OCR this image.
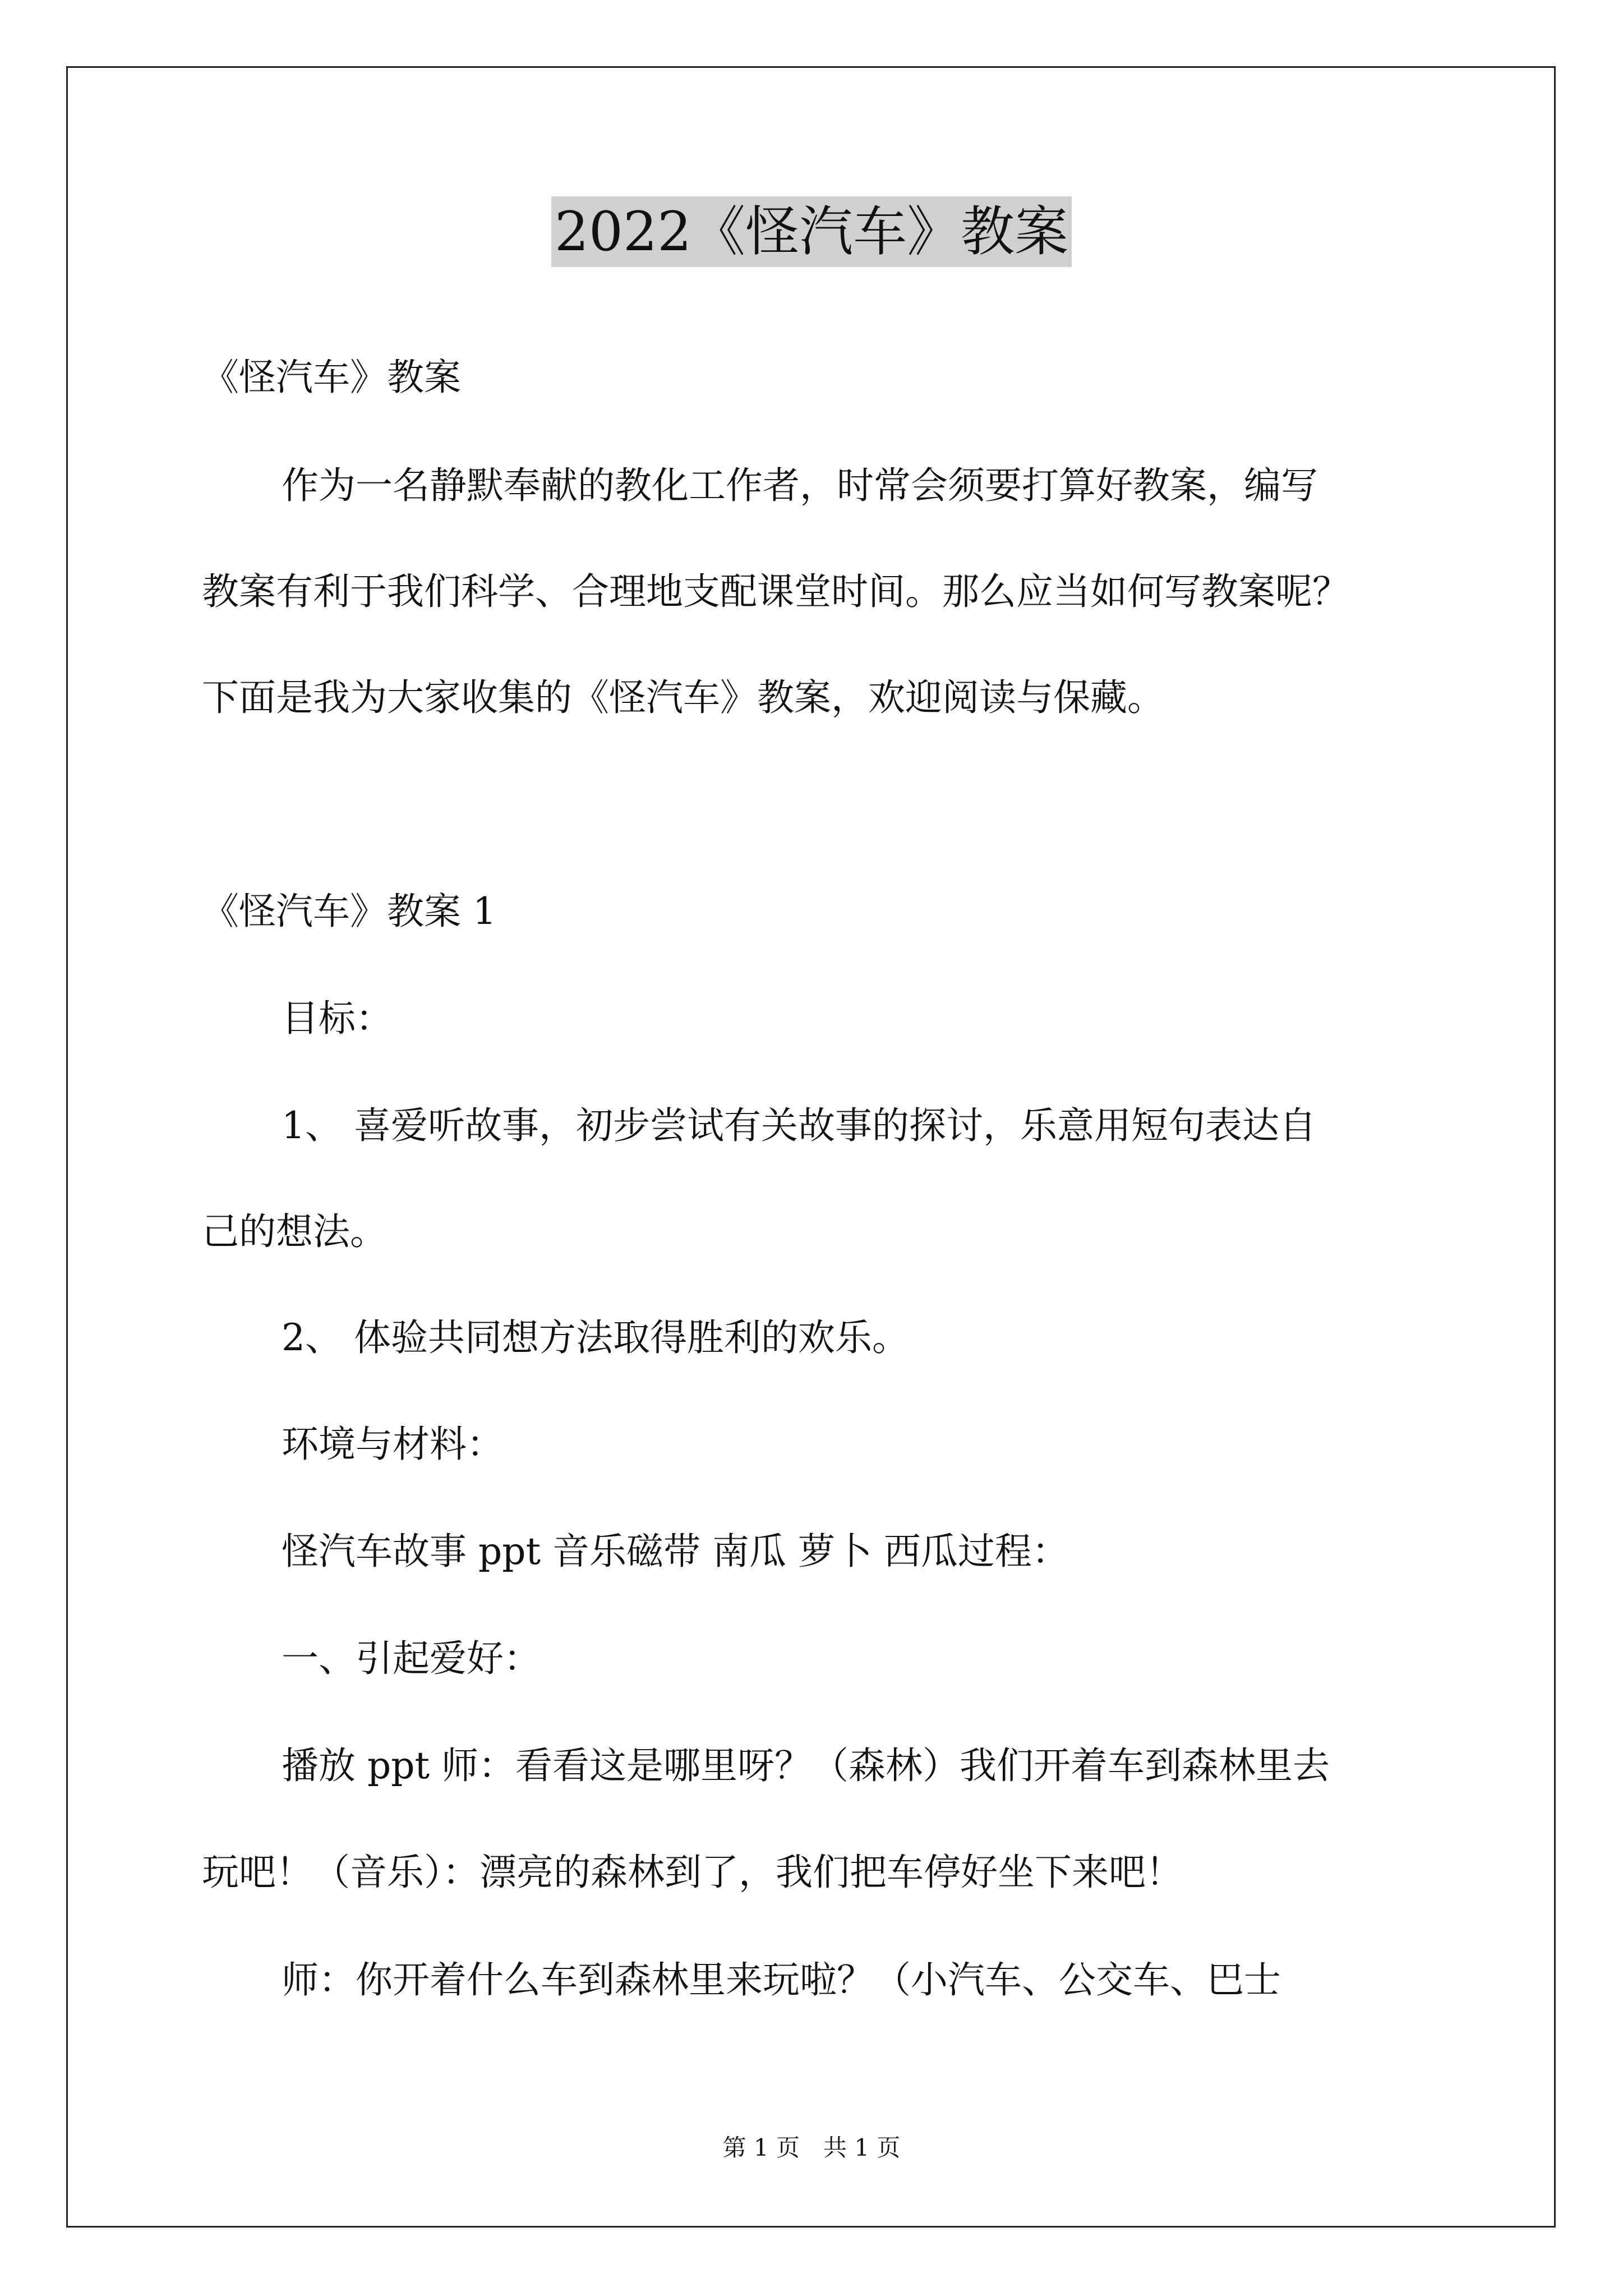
2022《怪汽车》教案
《怪汽车》教案
作为一名静默奉献的教化工作者，时常会须要打算好教案，编写
教案有利于我们科学、合理地支配课堂时间。那么应当如何写教案呢？
下面是我为大家收集的《怪汽车》教案，欢迎阅读与保藏。
《怪汽车》教案 1
目标：
1、 喜爱听故事，初步尝试有关故事的探讨，乐意用短句表达自
己的想法。
2、 体验共同想方法取得胜利的欢乐。
环境与材料：
怪汽车故事 ppt 音乐磁带 南瓜 萝卜 西瓜过程：
一、引起爱好：
播放 ppt 师：看看这是哪里呀？（森林）我们开着车到森林里去
玩吧！（音乐）：漂亮的森林到了，我们把车停好坐下来吧！
师：你开着什么车到森林里来玩啦？（小汽车、公交车、巴士
第 1 页　共 1 页
